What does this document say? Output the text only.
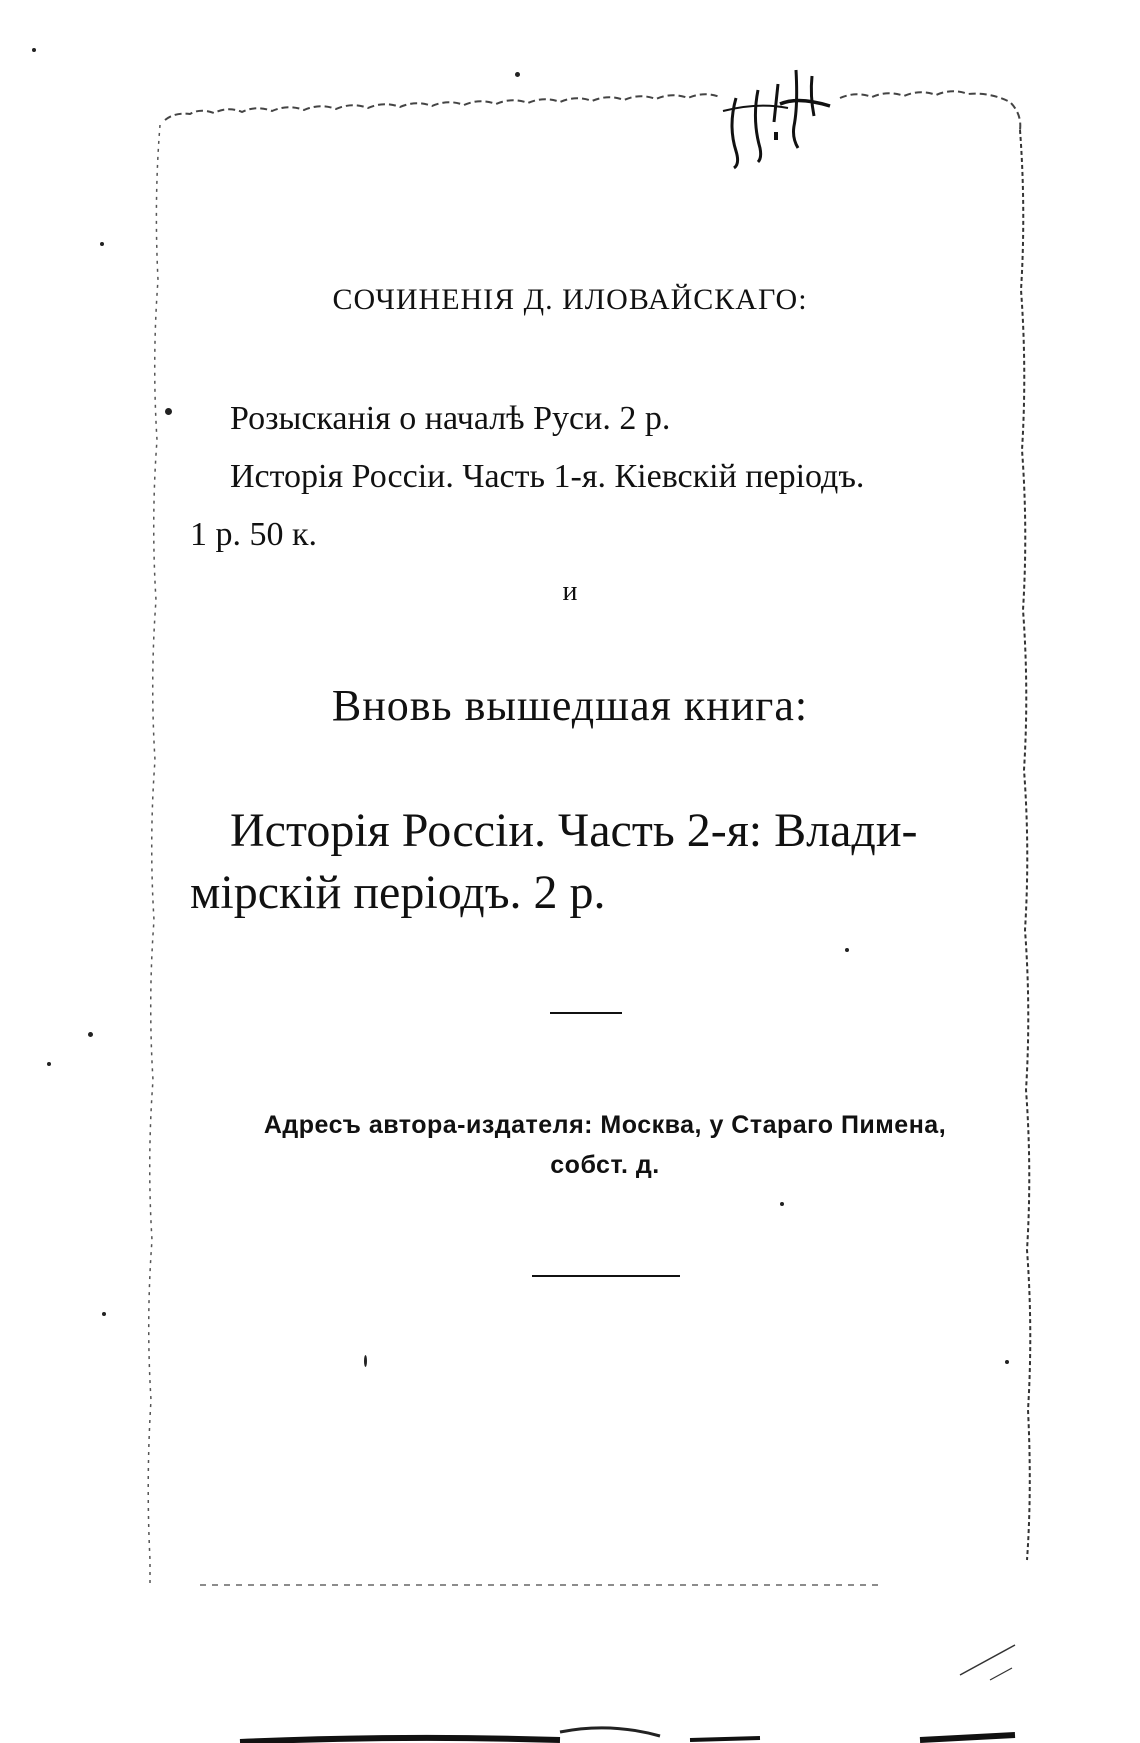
СОЧИНЕНІЯ Д. ИЛОВАЙСКАГО:
Розысканія о началѣ Руси. 2 р.
Исторія Россіи. Часть 1-я. Кіевскій періодъ.
1 р. 50 к.
и
Вновь вышедшая книга:
Исторія Россіи. Часть 2-я: Влади-
мірскій періодъ. 2 р.
Адресъ автора-издателя: Москва, у Стараго Пимена,
собст. д.
